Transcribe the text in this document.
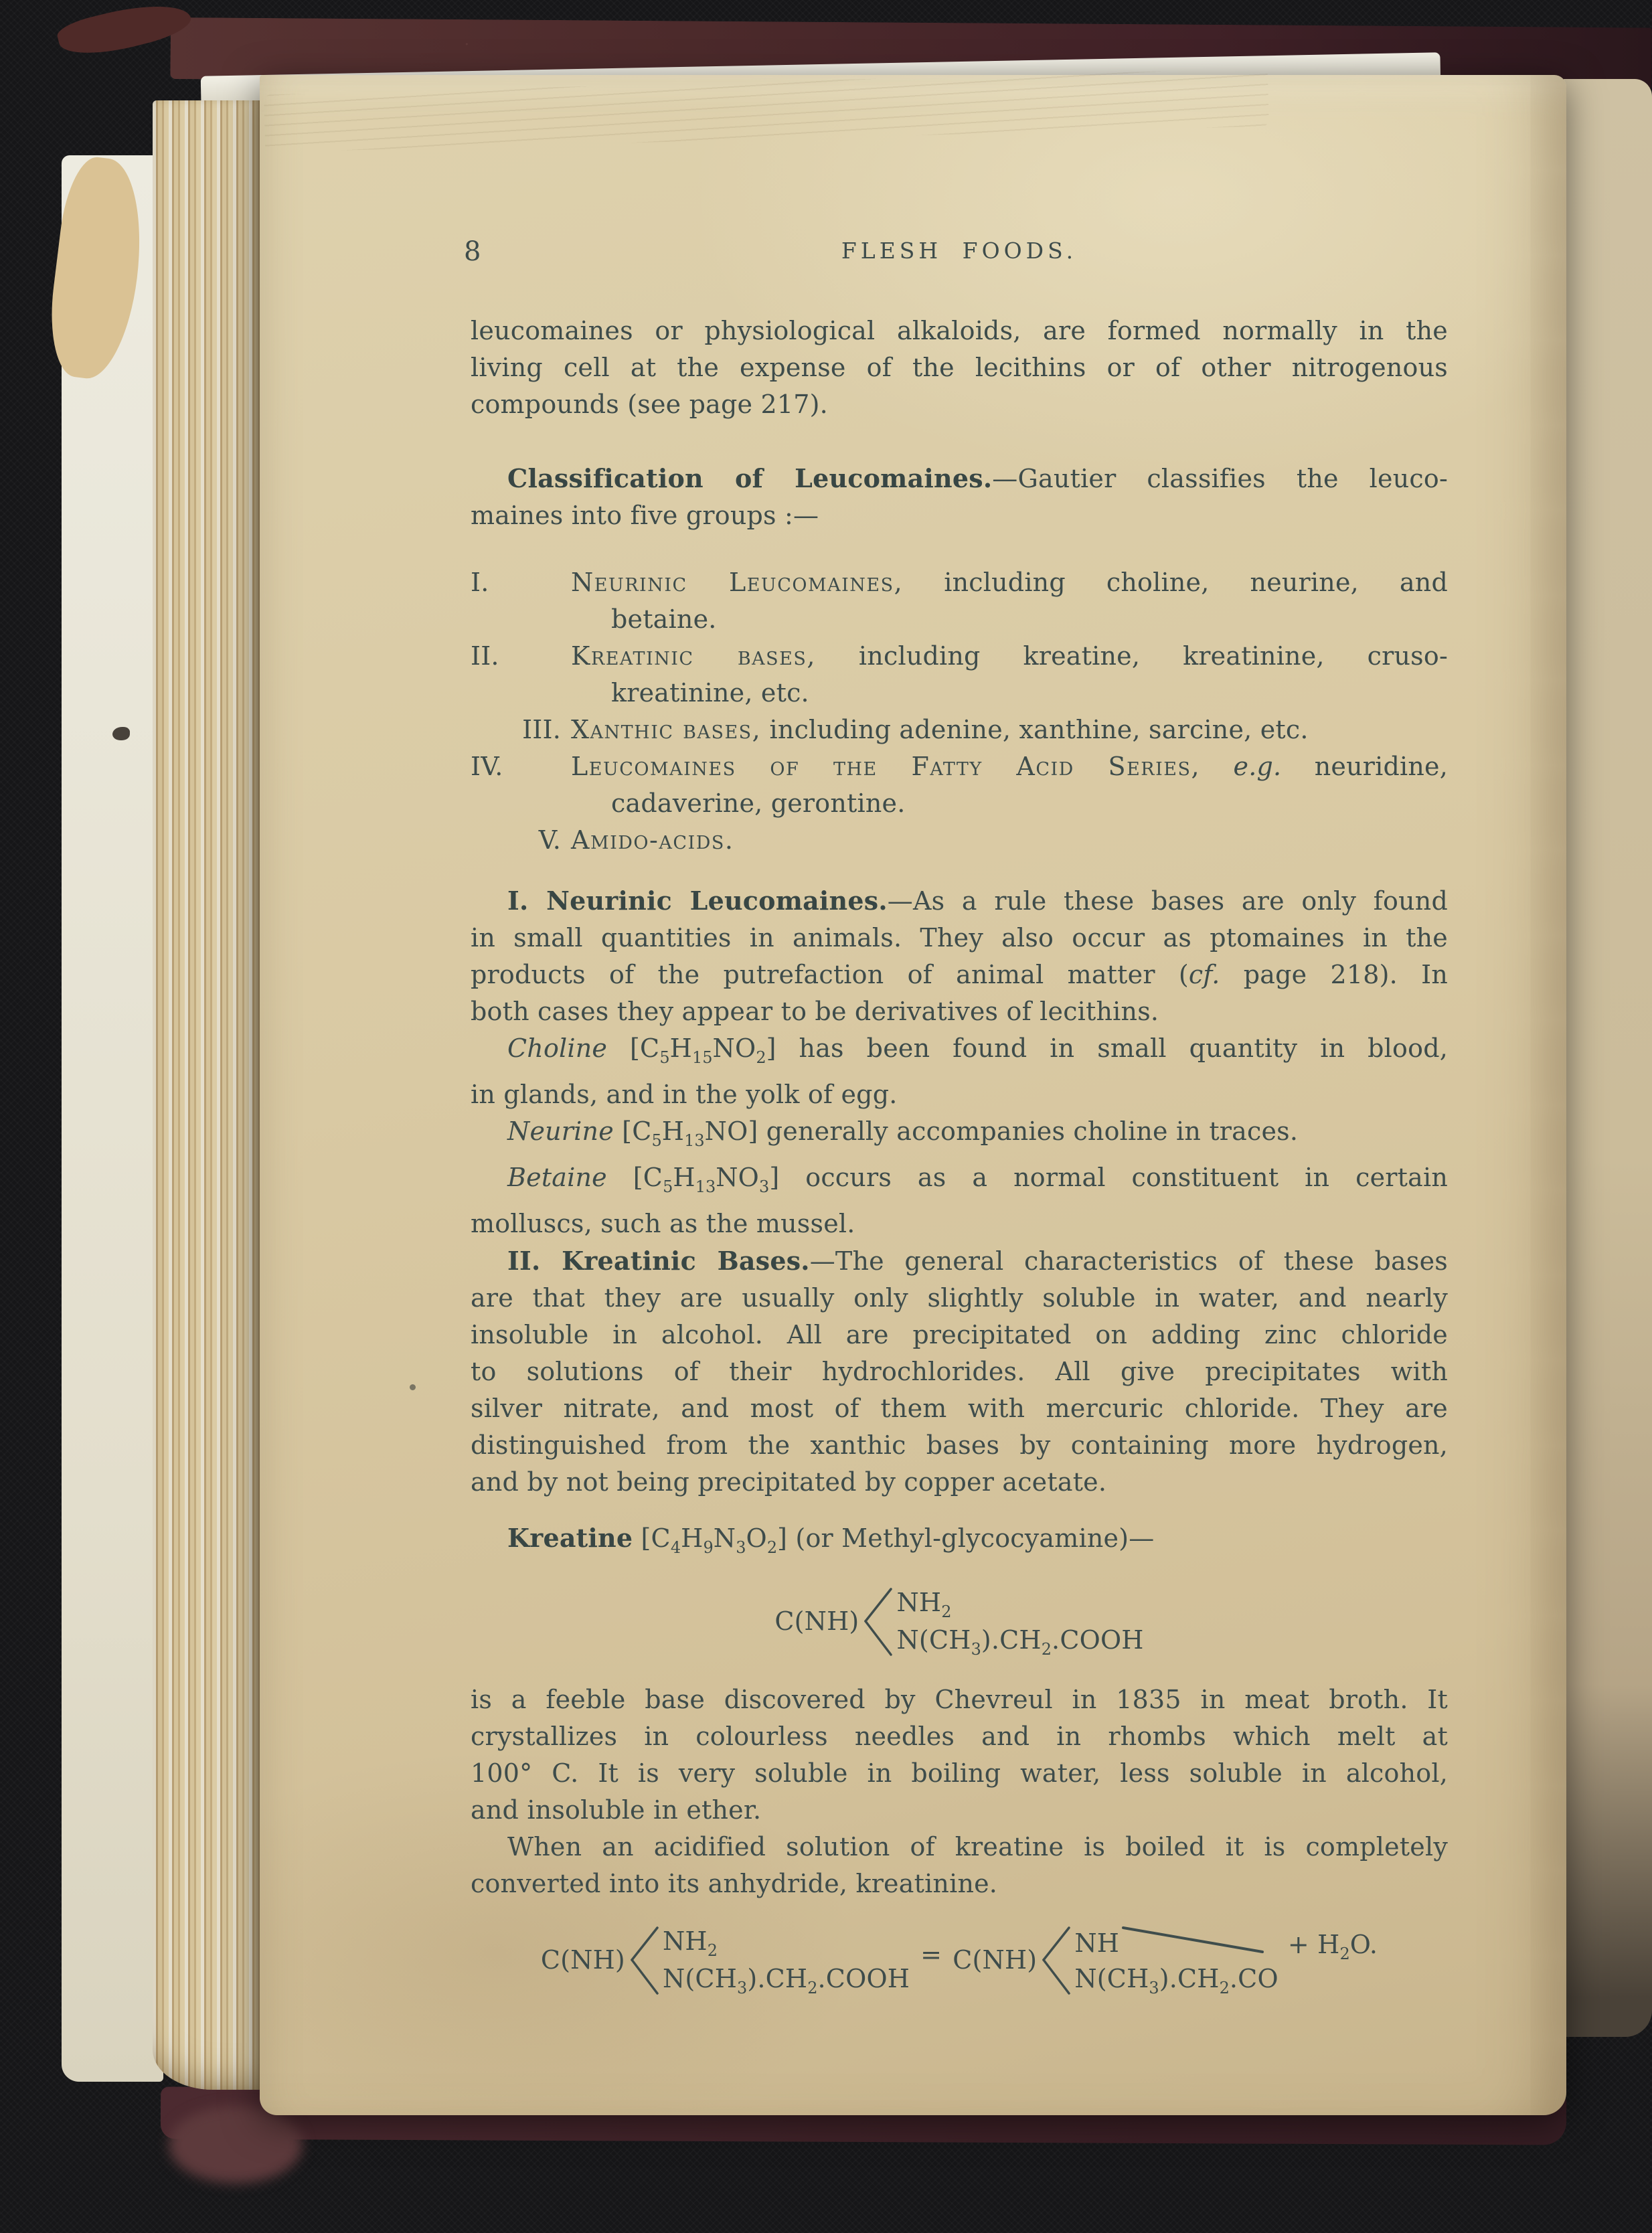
8	FLESH FOODS.
leucomaines or physiological alkaloids, are formed normally in the
living cell at the expense of the lecithins or of other nitrogenous
compounds (see page 217).
Classification of Leucomaines.—Gautier classifies the leuco-
maines into five groups :—
I.	Neurinic Leucomaines, including choline, neurine, and
betaine.
II.	Kreatinic bases, including kreatine, kreatinine, cruso-
kreatinine, etc.
III. Xanthic bases, including adenine, xanthine, sarcine, etc.
IV.	Leucomaines of the Fatty Acid Series, e.g. neuridine,
cadaverine, gerontine.
V. Amido-acids.
I. Neurinic Leucomaines.—As a rule these bases are only found
in small quantities in animals. They also occur as ptomaines in the
products of the putrefaction of animal matter (cf. page 218). In
both cases they appear to be derivatives of lecithins.
Choline $[C_5H_{15}NO_2]$ has been found in small quantity in blood,
in glands, and in the yolk of egg.
Neurine $[C_5H_{13}NO]$ generally accompanies choline in traces.
Betaine $[C_5H_{13}NO_3]$ occurs as a normal constituent in certain
molluscs, such as the mussel.
II. Kreatinic Bases.—The general characteristics of these bases
are that they are usually only slightly soluble in water, and nearly
insoluble in alcohol. All are precipitated on adding zinc chloride
to solutions of their hydrochlorides. All give precipitates with
silver nitrate, and most of them with mercuric chloride. They are
distinguished from the xanthic bases by containing more hydrogen,
and by not being precipitated by copper acetate.
Kreatine $[C_4H_9N_3O_2]$ (or Methyl-glycocyamine)—
C(NH)
$NH_2$
$N(CH_3).CH_2.COOH$
is a feeble base discovered by Chevreul in 1835 in meat broth. It
crystallizes in colourless needles and in rhombs which melt at
100° C. It is very soluble in boiling water, less soluble in alcohol,
and insoluble in ether.
When an acidified solution of kreatine is boiled it is completely
converted into its anhydride, kreatinine.
C(NH)
$NH_2$
$N(CH_3).CH_2.COOH$
= C(NH)
NH
$N(CH_3).CH_2.CO$
+ $H_2O$.
